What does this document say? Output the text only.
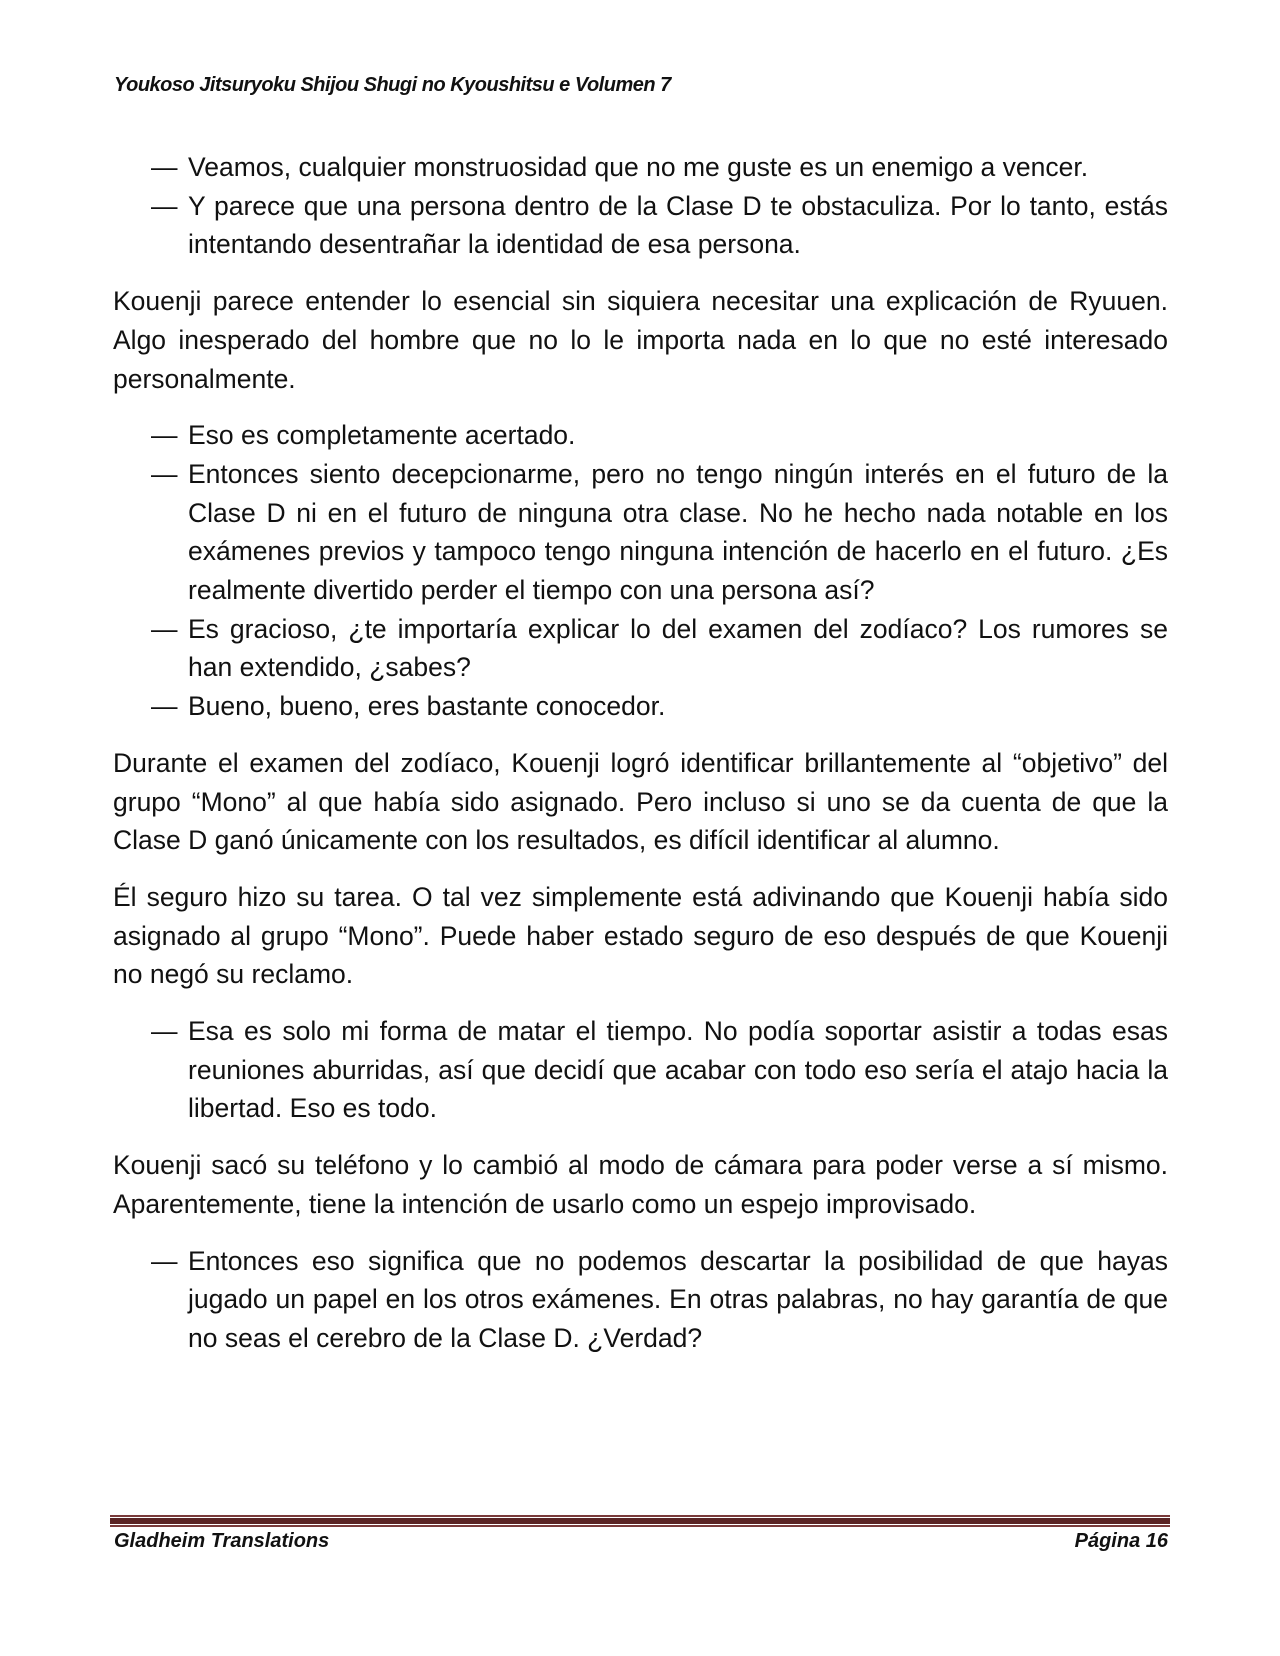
Youkoso Jitsuryoku Shijou Shugi no Kyoushitsu e Volumen 7
— Veamos, cualquier monstruosidad que no me guste es un enemigo a vencer.
— Y parece que una persona dentro de la Clase D te obstaculiza. Por lo tanto, estás intentando desentrañar la identidad de esa persona.
Kouenji parece entender lo esencial sin siquiera necesitar una explicación de Ryuuen. Algo inesperado del hombre que no lo le importa nada en lo que no esté interesado personalmente.
— Eso es completamente acertado.
— Entonces siento decepcionarme, pero no tengo ningún interés en el futuro de la Clase D ni en el futuro de ninguna otra clase. No he hecho nada notable en los exámenes previos y tampoco tengo ninguna intención de hacerlo en el futuro. ¿Es realmente divertido perder el tiempo con una persona así?
— Es gracioso, ¿te importaría explicar lo del examen del zodíaco? Los rumores se han extendido, ¿sabes?
— Bueno, bueno, eres bastante conocedor.
Durante el examen del zodíaco, Kouenji logró identificar brillantemente al “objetivo” del grupo “Mono” al que había sido asignado. Pero incluso si uno se da cuenta de que la Clase D ganó únicamente con los resultados, es difícil identificar al alumno.
Él seguro hizo su tarea. O tal vez simplemente está adivinando que Kouenji había sido asignado al grupo “Mono”. Puede haber estado seguro de eso después de que Kouenji no negó su reclamo.
— Esa es solo mi forma de matar el tiempo. No podía soportar asistir a todas esas reuniones aburridas, así que decidí que acabar con todo eso sería el atajo hacia la libertad. Eso es todo.
Kouenji sacó su teléfono y lo cambió al modo de cámara para poder verse a sí mismo. Aparentemente, tiene la intención de usarlo como un espejo improvisado.
— Entonces eso significa que no podemos descartar la posibilidad de que hayas jugado un papel en los otros exámenes. En otras palabras, no hay garantía de que no seas el cerebro de la Clase D. ¿Verdad?
Gladheim Translations	Página 16
